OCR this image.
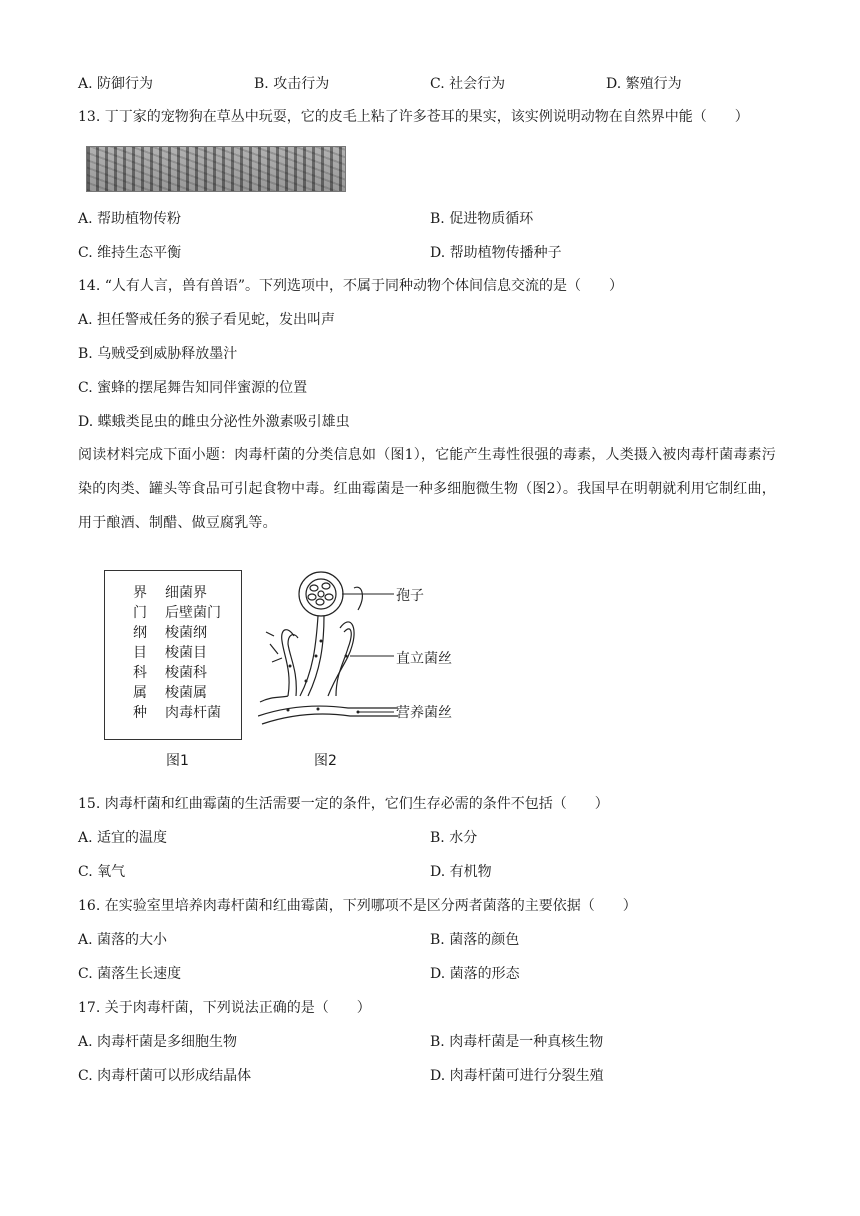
A. 防御行为	B. 攻击行为	C. 社会行为	D. 繁殖行为
13. 丁丁家的宠物狗在草丛中玩耍，它的皮毛上粘了许多苍耳的果实，该实例说明动物在自然界中能（　　）
A. 帮助植物传粉	B. 促进物质循环
C. 维持生态平衡	D. 帮助植物传播种子
14. “人有人言，兽有兽语”。下列选项中，不属于同种动物个体间信息交流的是（　　）
A. 担任警戒任务的猴子看见蛇，发出叫声
B. 乌贼受到威胁释放墨汁
C. 蜜蜂的摆尾舞告知同伴蜜源的位置
D. 蝶蛾类昆虫的雌虫分泌性外激素吸引雄虫
阅读材料完成下面小题：肉毒杆菌的分类信息如（图1），它能产生毒性很强的毒素，人类摄入被肉毒杆菌毒素污染的肉类、罐头等食品可引起食物中毒。红曲霉菌是一种多细胞微生物（图2）。我国早在明朝就利用它制红曲，用于酿酒、制醋、做豆腐乳等。
界 细菌界
门 后壁菌门
纲 梭菌纲
目 梭菌目
科 梭菌科
属 梭菌属
种 肉毒杆菌
图1
孢子
直立菌丝
营养菌丝
图2
15. 肉毒杆菌和红曲霉菌的生活需要一定的条件，它们生存必需的条件不包括（　　）
A. 适宜的温度	B. 水分
C. 氧气	D. 有机物
16. 在实验室里培养肉毒杆菌和红曲霉菌，下列哪项不是区分两者菌落的主要依据（　　）
A. 菌落的大小	B. 菌落的颜色
C. 菌落生长速度	D. 菌落的形态
17. 关于肉毒杆菌，下列说法正确的是（　　）
A. 肉毒杆菌是多细胞生物	B. 肉毒杆菌是一种真核生物
C. 肉毒杆菌可以形成结晶体	D. 肉毒杆菌可进行分裂生殖
